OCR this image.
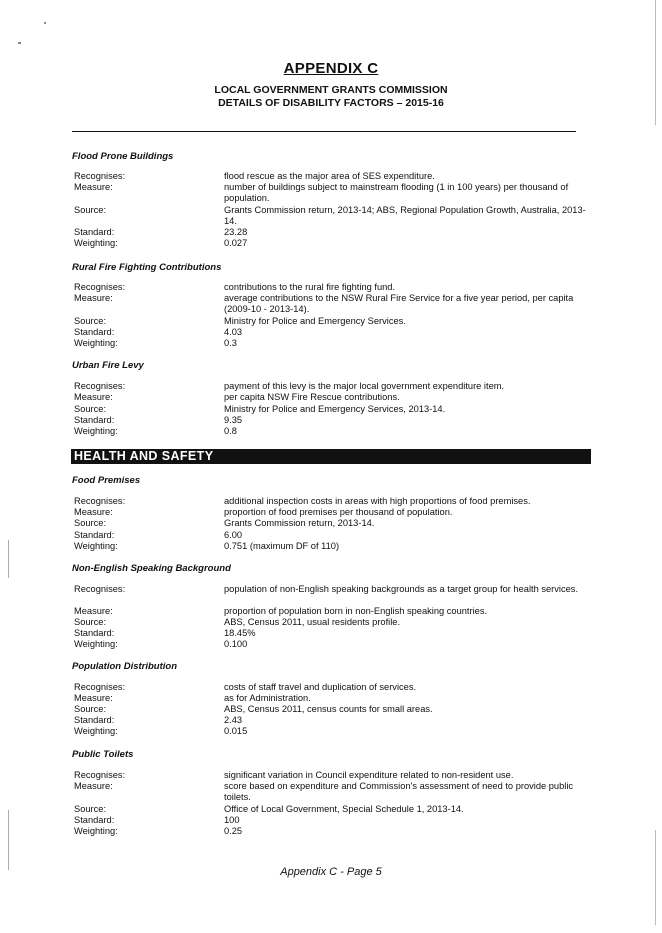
APPENDIX C
LOCAL GOVERNMENT GRANTS COMMISSION
DETAILS OF DISABILITY FACTORS – 2015-16
Flood Prone Buildings
Recognises:	flood rescue as the major area of SES expenditure.
Measure:	number of buildings subject to mainstream flooding (1 in 100 years) per thousand of population.
Source:	Grants Commission return, 2013-14; ABS, Regional Population Growth, Australia, 2013-14.
Standard:	23.28
Weighting:	0.027
Rural Fire Fighting Contributions
Recognises:	contributions to the rural fire fighting fund.
Measure:	average contributions to the NSW Rural Fire Service for a five year period, per capita (2009-10 - 2013-14).
Source:	Ministry for Police and Emergency Services.
Standard:	4.03
Weighting:	0.3
Urban Fire Levy
Recognises:	payment of this levy is the major local government expenditure item.
Measure:	per capita NSW Fire Rescue contributions.
Source:	Ministry for Police and Emergency Services, 2013-14.
Standard:	9.35
Weighting:	0.8
HEALTH AND SAFETY
Food Premises
Recognises:	additional inspection costs in areas with high proportions of food premises.
Measure:	proportion of food premises per thousand of population.
Source:	Grants Commission return, 2013-14.
Standard:	6.00
Weighting:	0.751 (maximum DF of 110)
Non-English Speaking Background
Recognises:	population of non-English speaking backgrounds as a target group for health services.
Measure:	proportion of population born in non-English speaking countries.
Source:	ABS, Census 2011, usual residents profile.
Standard:	18.45%
Weighting:	0.100
Population Distribution
Recognises:	costs of staff travel and duplication of services.
Measure:	as for Administration.
Source:	ABS, Census 2011, census counts for small areas.
Standard:	2.43
Weighting:	0.015
Public Toilets
Recognises:	significant variation in Council expenditure related to non-resident use.
Measure:	score based on expenditure and Commission's assessment of need to provide public toilets.
Source:	Office of Local Government, Special Schedule 1, 2013-14.
Standard:	100
Weighting:	0.25
Appendix C - Page 5
